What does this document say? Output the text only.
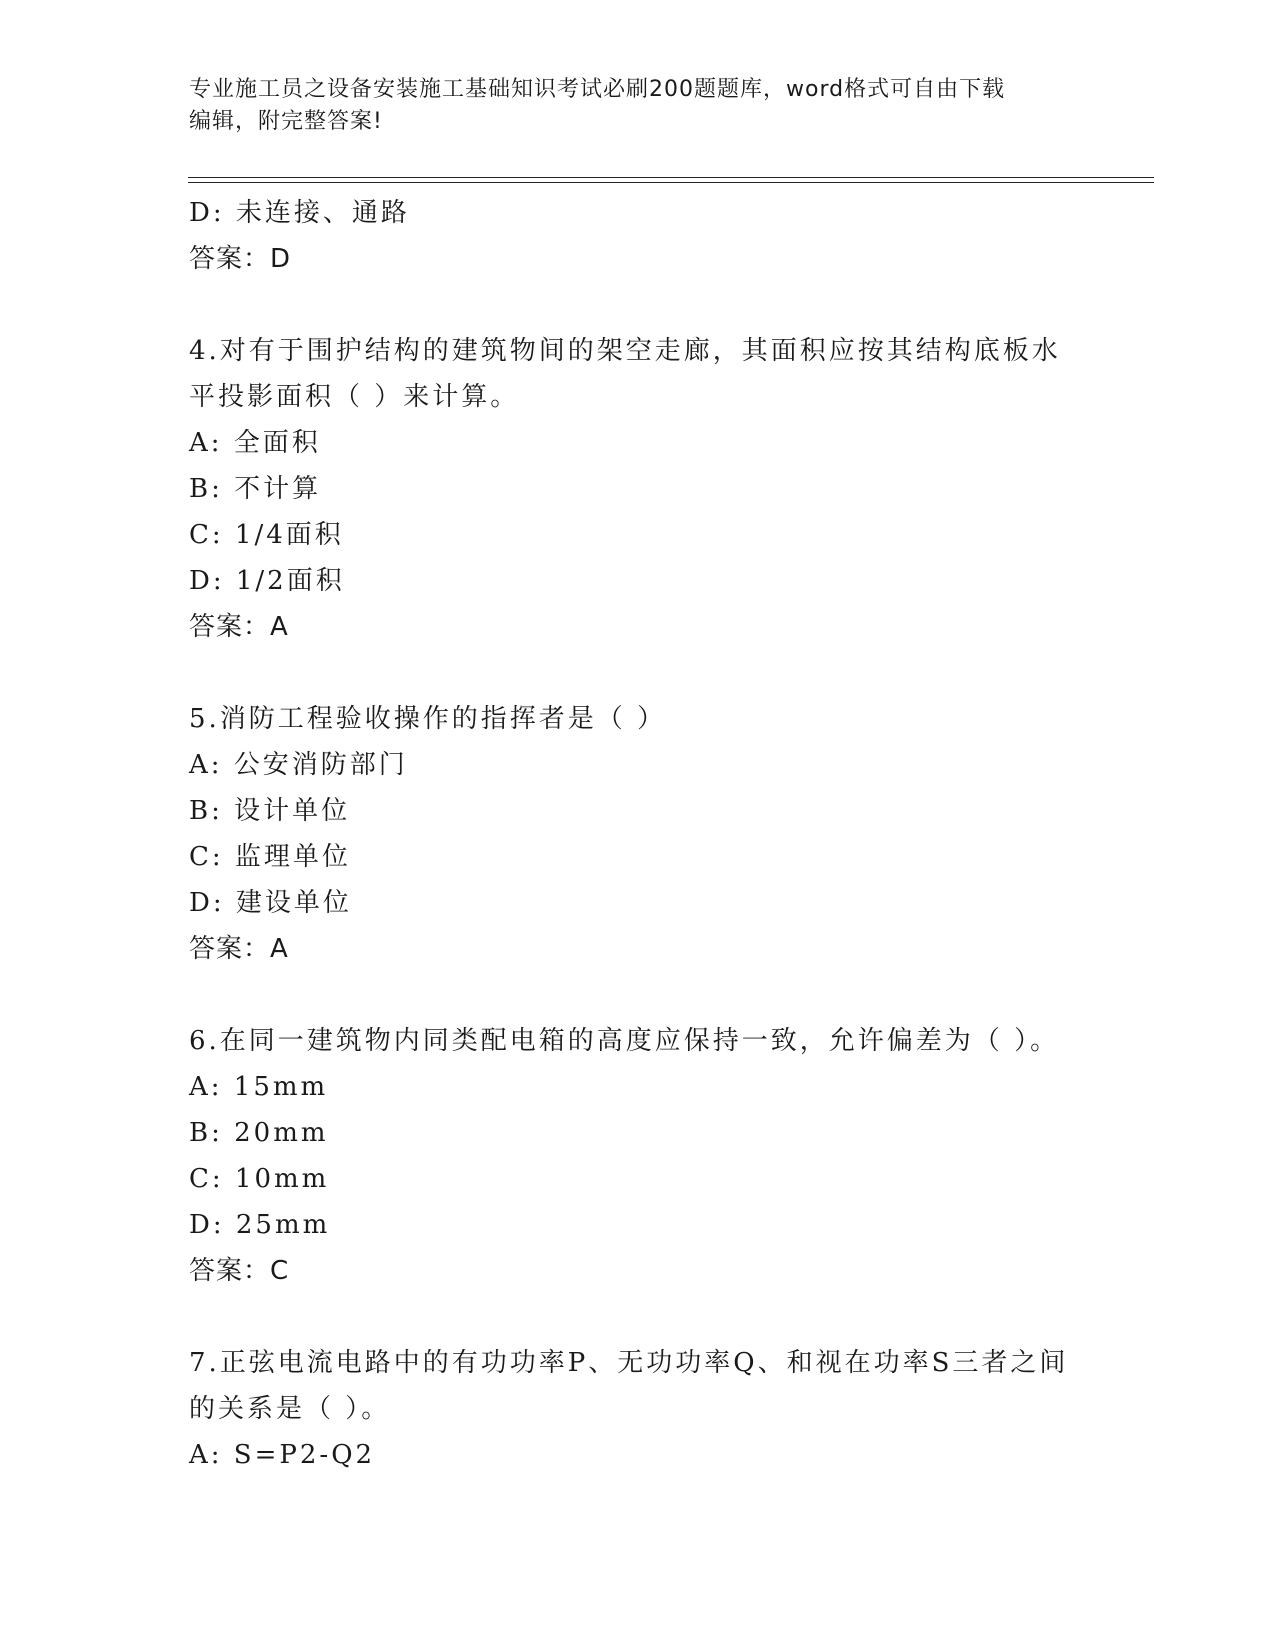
专业施工员之设备安装施工基础知识考试必刷200题题库，word格式可自由下载
编辑，附完整答案!
D: 未连接、通路
答案：D
4.对有于围护结构的建筑物间的架空走廊，其面积应按其结构底板水
平投影面积（ ）来计算。
A: 全面积
B: 不计算
C: 1/4面积
D: 1/2面积
答案：A
5.消防工程验收操作的指挥者是（ ）
A: 公安消防部门
B: 设计单位
C: 监理单位
D: 建设单位
答案：A
6.在同一建筑物内同类配电箱的高度应保持一致，允许偏差为（ ）。
A: 15mm
B: 20mm
C: 10mm
D: 25mm
答案：C
7.正弦电流电路中的有功功率P、无功功率Q、和视在功率S三者之间
的关系是（ ）。
A: S=P2-Q2
